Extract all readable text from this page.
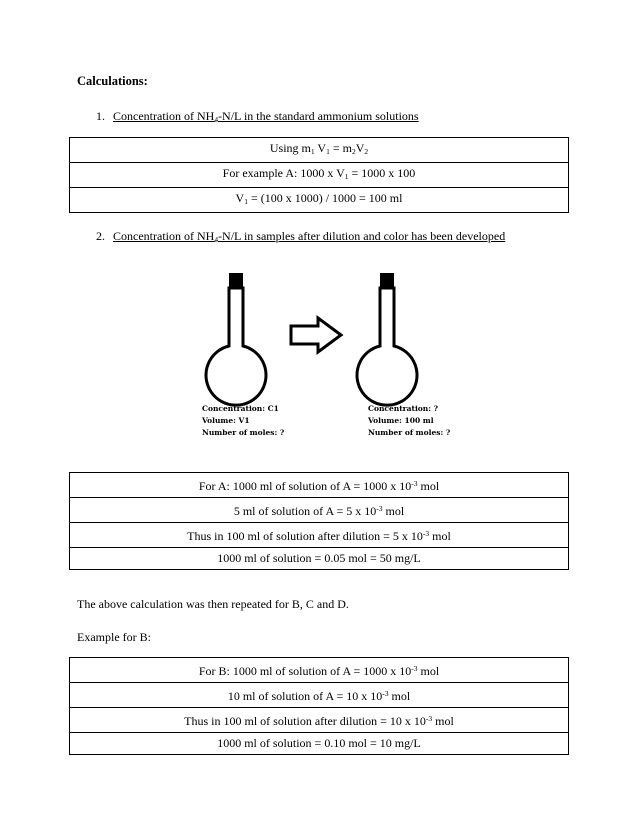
Calculations:
1. Concentration of $NH_4-N/L$ in the standard ammonium solutions
Using $m_1$ $V_1 = m_2V_2$
For example A: 1000 x $V_1 = 1000$ x 100
$V_1 = (100$ x 1000) / 1000 = 100 ml
2. Concentration of $NH_4-N/L$ in samples after dilution and color has been developed
Concentration: C1
Volume: V1
Number of moles: ?
Concentration: ?
Volume: 100 ml
Number of moles: ?
For A: 1000 ml of solution of A = 1000 x $10^{-3}$ mol
5 ml of solution of A = 5 x $10^{-3}$ mol
Thus in 100 ml of solution after dilution = 5 x $10^{-3}$ mol
1000 ml of solution = 0.05 mol = 50 mg/L
The above calculation was then repeated for B, C and D.
Example for B:
For B: 1000 ml of solution of A = 1000 x $10^{-3}$ mol
10 ml of solution of A = 10 x $10^{-3}$ mol
Thus in 100 ml of solution after dilution = 10 x $10^{-3}$ mol
1000 ml of solution = 0.10 mol = 10 mg/L
